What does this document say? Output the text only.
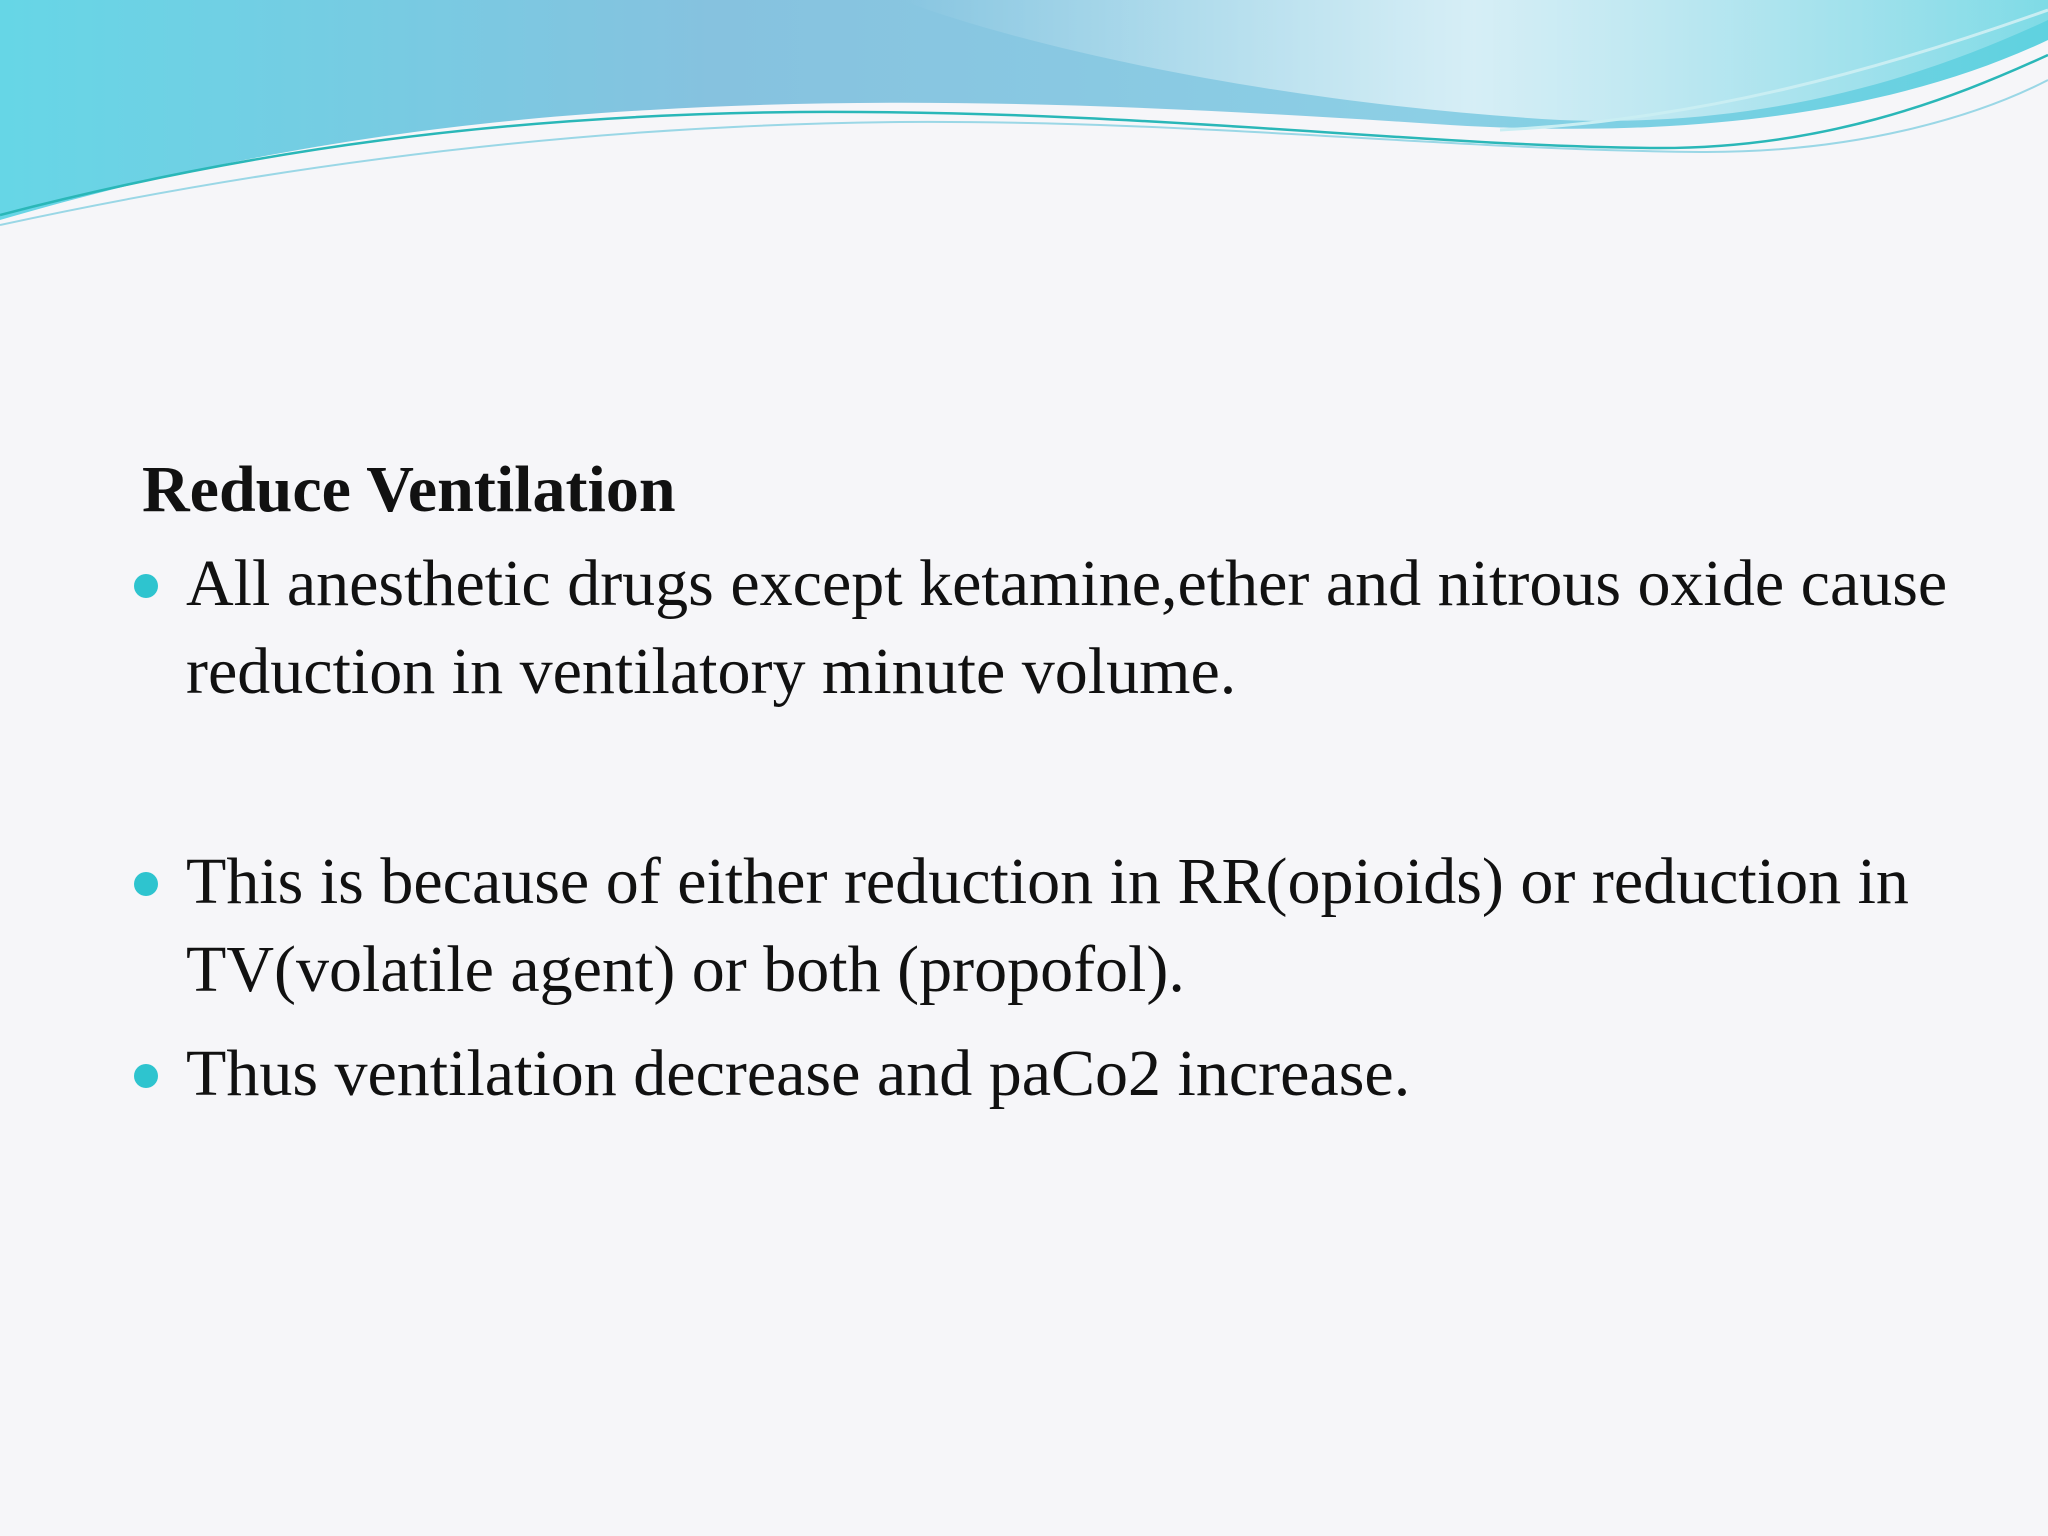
Reduce Ventilation
All anesthetic drugs except ketamine,ether and nitrous oxide cause reduction in ventilatory minute volume.
This is because of either reduction in RR(opioids) or reduction in TV(volatile agent) or both (propofol).
Thus ventilation decrease and paCo2 increase.
